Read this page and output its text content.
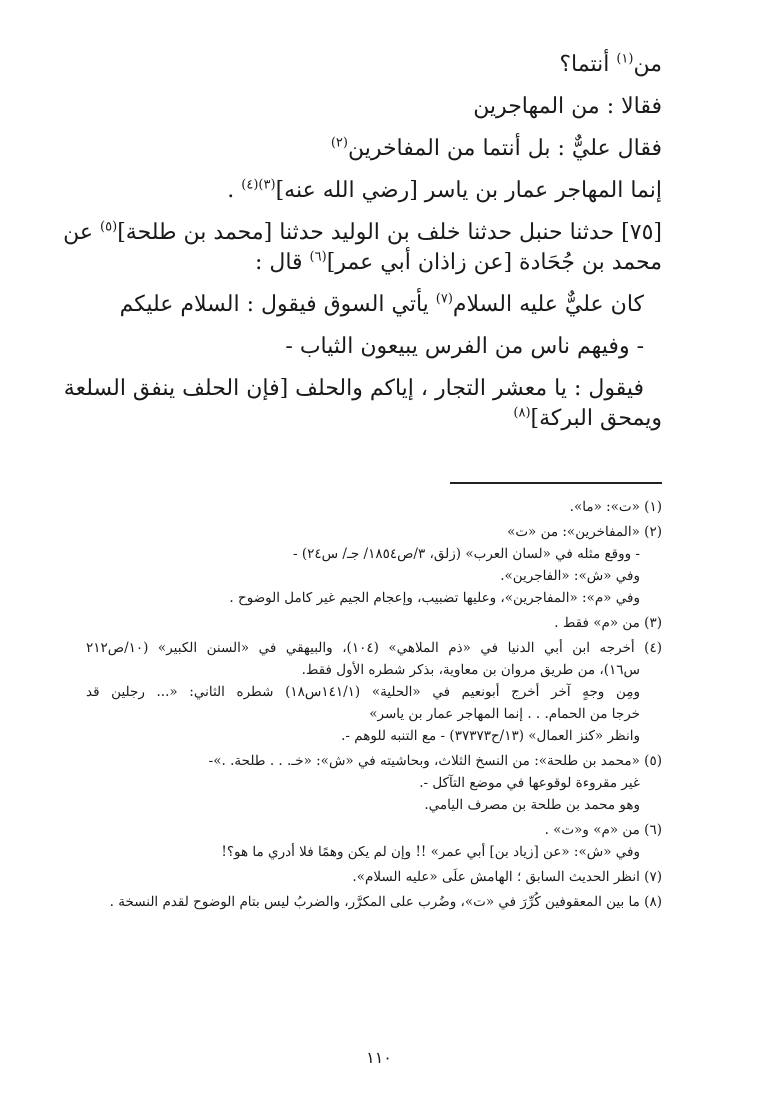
من$^{(١)}$ أنتما؟

فقالا : من المهاجرين

فقال عليٌّ : بل أنتما من المفاخرين$^{(٢)}$

إنما المهاجر عمار بن ياسر [رضي الله عنه]$^{(٣)(٤)}$ .

[٧٥] حدثنا حنبل حدثنا خلف بن الوليد حدثنا [محمد بن طلحة]$^{(٥)}$ عن

محمد بن جُحَادة [عن زاذان أبي عمر]$^{(٦)}$ قال :

كان عليٌّ عليه السلام$^{(٧)}$ يأتي السوق فيقول : السلام عليكم

- وفيهم ناس من الفرس يبيعون الثياب -

فيقول : يا معشر التجار ، إياكم والحلف [فإن الحلف ينفق السلعة

ويمحق البركة]$^{(٨)}$

(١) «ت»: «ما».

(٢) «المفاخرين»: من «ت»

- ووقع مثله في «لسان العرب» (زلق، ٣/ص١٨٥٤/ جـ/ س٢٤) -

وفي «ش»: «الفاجرين».

وفي «م»: «المفاجرين»، وعليها تضبيب، وإعجام الجيم غير كامل الوضوح .

(٣) من «م» فقط .

(٤) أخرجه ابن أبي الدنيا في «ذم الملاهي» (١٠٤)، والبيهقي في «السنن الكبير» (١٠/ص٢١٢

س١٦)، من طريق مروان بن معاوية، بذكر شطره الأول فقط.

ومِن وجهٍ آخر أخرج أبونعيم في «الحلية» (١٤١/١س١٨) شطره الثاني: «... رجلين قد

خرجا من الحمام. . . إنما المهاجر عمار بن ياسر»

وانظر «كنز العمال» (١٣/ح٣٧٣٧٣) - مع التنبه للوهم -.

(٥) «محمد بن طلحة»: من النسخ الثلاث، وبحاشيته في «ش»: «خـ. . . طلحة. .»-

غير مقروءة لوقوعها في موضع التآكل -.

وهو محمد بن طلحة بن مصرف اليامي.

(٦) من «م» و«ت» .

وفي «ش»: «عن [زياد بن] أبي عمر» !! وإن لم يكن وهمًا فلا أدري ما هو؟!

(٧) انظر الحديث السابق ؛ الهامش علَى «عليه السلام».

(٨) ما بين المعقوفين كُرِّرَ في «ت»، وضُرب على المكرَّر، والضربُ ليس بتام الوضوح لقدم النسخة .

١١٠
